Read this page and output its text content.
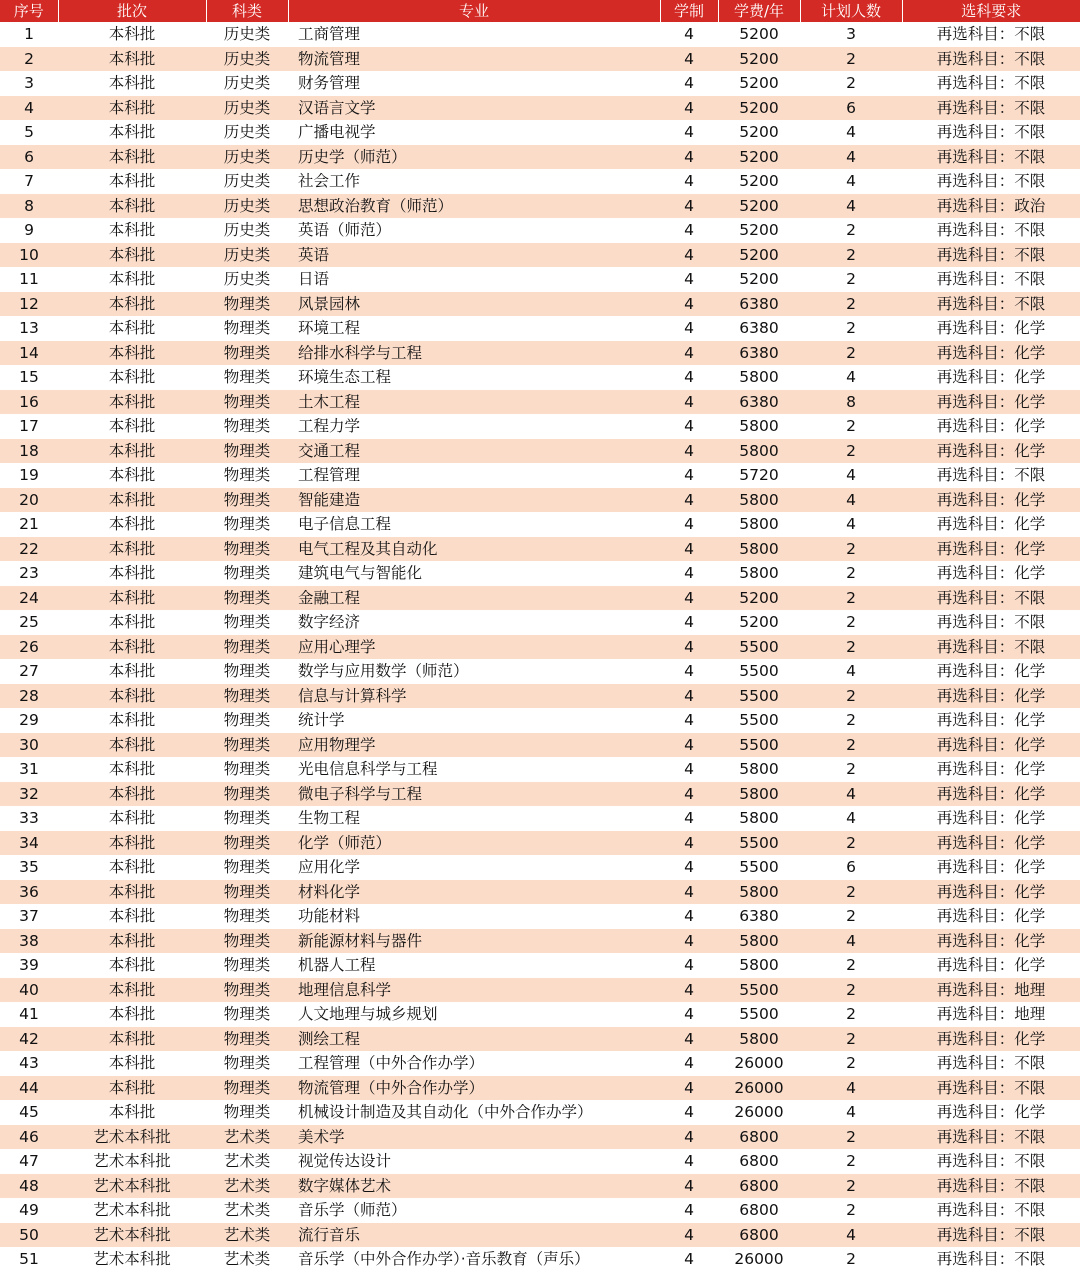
序号	批次	科类	专业	学制	学费/年	计划人数	选科要求
1	本科批	历史类	工商管理	4	5200	3	再选科目：不限
2	本科批	历史类	物流管理	4	5200	2	再选科目：不限
3	本科批	历史类	财务管理	4	5200	2	再选科目：不限
4	本科批	历史类	汉语言文学	4	5200	6	再选科目：不限
5	本科批	历史类	广播电视学	4	5200	4	再选科目：不限
6	本科批	历史类	历史学（师范）	4	5200	4	再选科目：不限
7	本科批	历史类	社会工作	4	5200	4	再选科目：不限
8	本科批	历史类	思想政治教育（师范）	4	5200	4	再选科目：政治
9	本科批	历史类	英语（师范）	4	5200	2	再选科目：不限
10	本科批	历史类	英语	4	5200	2	再选科目：不限
11	本科批	历史类	日语	4	5200	2	再选科目：不限
12	本科批	物理类	风景园林	4	6380	2	再选科目：不限
13	本科批	物理类	环境工程	4	6380	2	再选科目：化学
14	本科批	物理类	给排水科学与工程	4	6380	2	再选科目：化学
15	本科批	物理类	环境生态工程	4	5800	4	再选科目：化学
16	本科批	物理类	土木工程	4	6380	8	再选科目：化学
17	本科批	物理类	工程力学	4	5800	2	再选科目：化学
18	本科批	物理类	交通工程	4	5800	2	再选科目：化学
19	本科批	物理类	工程管理	4	5720	4	再选科目：不限
20	本科批	物理类	智能建造	4	5800	4	再选科目：化学
21	本科批	物理类	电子信息工程	4	5800	4	再选科目：化学
22	本科批	物理类	电气工程及其自动化	4	5800	2	再选科目：化学
23	本科批	物理类	建筑电气与智能化	4	5800	2	再选科目：化学
24	本科批	物理类	金融工程	4	5200	2	再选科目：不限
25	本科批	物理类	数字经济	4	5200	2	再选科目：不限
26	本科批	物理类	应用心理学	4	5500	2	再选科目：不限
27	本科批	物理类	数学与应用数学（师范）	4	5500	4	再选科目：化学
28	本科批	物理类	信息与计算科学	4	5500	2	再选科目：化学
29	本科批	物理类	统计学	4	5500	2	再选科目：化学
30	本科批	物理类	应用物理学	4	5500	2	再选科目：化学
31	本科批	物理类	光电信息科学与工程	4	5800	2	再选科目：化学
32	本科批	物理类	微电子科学与工程	4	5800	4	再选科目：化学
33	本科批	物理类	生物工程	4	5800	4	再选科目：化学
34	本科批	物理类	化学（师范）	4	5500	2	再选科目：化学
35	本科批	物理类	应用化学	4	5500	6	再选科目：化学
36	本科批	物理类	材料化学	4	5800	2	再选科目：化学
37	本科批	物理类	功能材料	4	6380	2	再选科目：化学
38	本科批	物理类	新能源材料与器件	4	5800	4	再选科目：化学
39	本科批	物理类	机器人工程	4	5800	2	再选科目：化学
40	本科批	物理类	地理信息科学	4	5500	2	再选科目：地理
41	本科批	物理类	人文地理与城乡规划	4	5500	2	再选科目：地理
42	本科批	物理类	测绘工程	4	5800	2	再选科目：化学
43	本科批	物理类	工程管理（中外合作办学）	4	26000	2	再选科目：不限
44	本科批	物理类	物流管理（中外合作办学）	4	26000	4	再选科目：不限
45	本科批	物理类	机械设计制造及其自动化（中外合作办学）	4	26000	4	再选科目：化学
46	艺术本科批	艺术类	美术学	4	6800	2	再选科目：不限
47	艺术本科批	艺术类	视觉传达设计	4	6800	2	再选科目：不限
48	艺术本科批	艺术类	数字媒体艺术	4	6800	2	再选科目：不限
49	艺术本科批	艺术类	音乐学（师范）	4	6800	2	再选科目：不限
50	艺术本科批	艺术类	流行音乐	4	6800	4	再选科目：不限
51	艺术本科批	艺术类	音乐学（中外合作办学）·音乐教育（声乐）	4	26000	2	再选科目：不限
